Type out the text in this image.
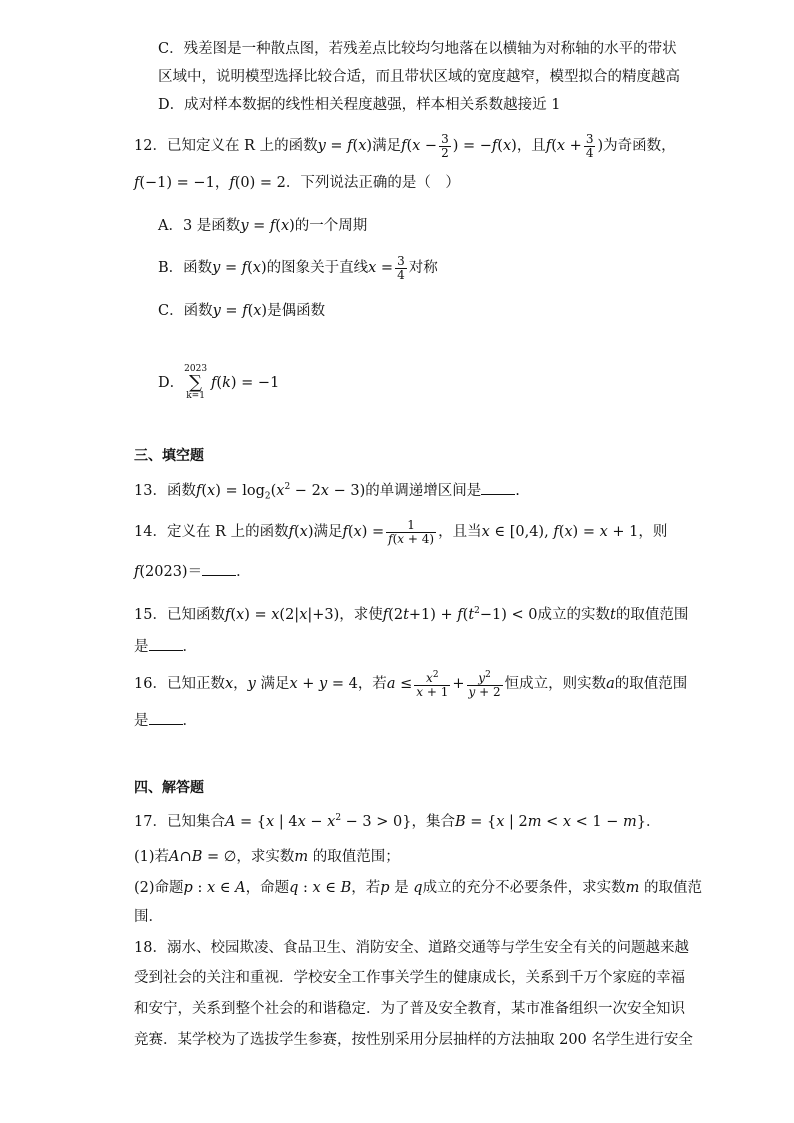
C．残差图是一种散点图，若残差点比较均匀地落在以横轴为对称轴的水平的带状
区域中，说明模型选择比较合适，而且带状区域的宽度越窄，模型拟合的精度越高
D．成对样本数据的线性相关程度越强，样本相关系数越接近 1
12．已知定义在 R 上的函数y = f(x)满足$f(x - \frac{3}{2}$ ) = −f(x)，且$f(x + \frac{3}{4}$ )为奇函数，
f(−1) = −1，f(0) = 2．下列说法正确的是（　）
A．3 是函数y = f(x)的一个周期
B．函数y = f(x)的图象关于直线$x = \frac{3}{4}$ 对称
C．函数y = f(x)是偶函数
D．2023
∑
k=1f(k) = −1
三、填空题
13．函数$f(x) = \log_2(x^2 - 2x - 3)$的单调递增区间是 .
14．定义在 R 上的函数f(x)满足$f(x) = \frac{1}{f(x + 4)}$ ，且当x ∈ [0,4), f(x) = x + 1，则
f(2023)＝ ．
15．已知函数f(x) = x(2|x|+3)，求使$f(2t+1) + f(t^2-1) < 0$成立的实数t的取值范围
是 ．
16．已知正数x，y 满足x + y = 4，若$a \le \frac{x^2}{x + 1} + \frac{y^2}{y + 2}$ 恒成立，则实数a的取值范围
是 ．
四、解答题
17．已知集合A = {x | $4x - x^2 - 3 > 0$}，集合B = {x | 2m < x < 1 − m}．
(1)若A∩B = ∅，求实数m 的取值范围；
(2)命题p : x ∈ A，命题q : x ∈ B，若p 是 q成立的充分不必要条件，求实数m 的取值范
围．
18．溺水、校园欺凌、食品卫生、消防安全、道路交通等与学生安全有关的问题越来越
受到社会的关注和重视．学校安全工作事关学生的健康成长，关系到千万个家庭的幸福
和安宁，关系到整个社会的和谐稳定．为了普及安全教育，某市准备组织一次安全知识
竞赛．某学校为了选拔学生参赛，按性别采用分层抽样的方法抽取 200 名学生进行安全
